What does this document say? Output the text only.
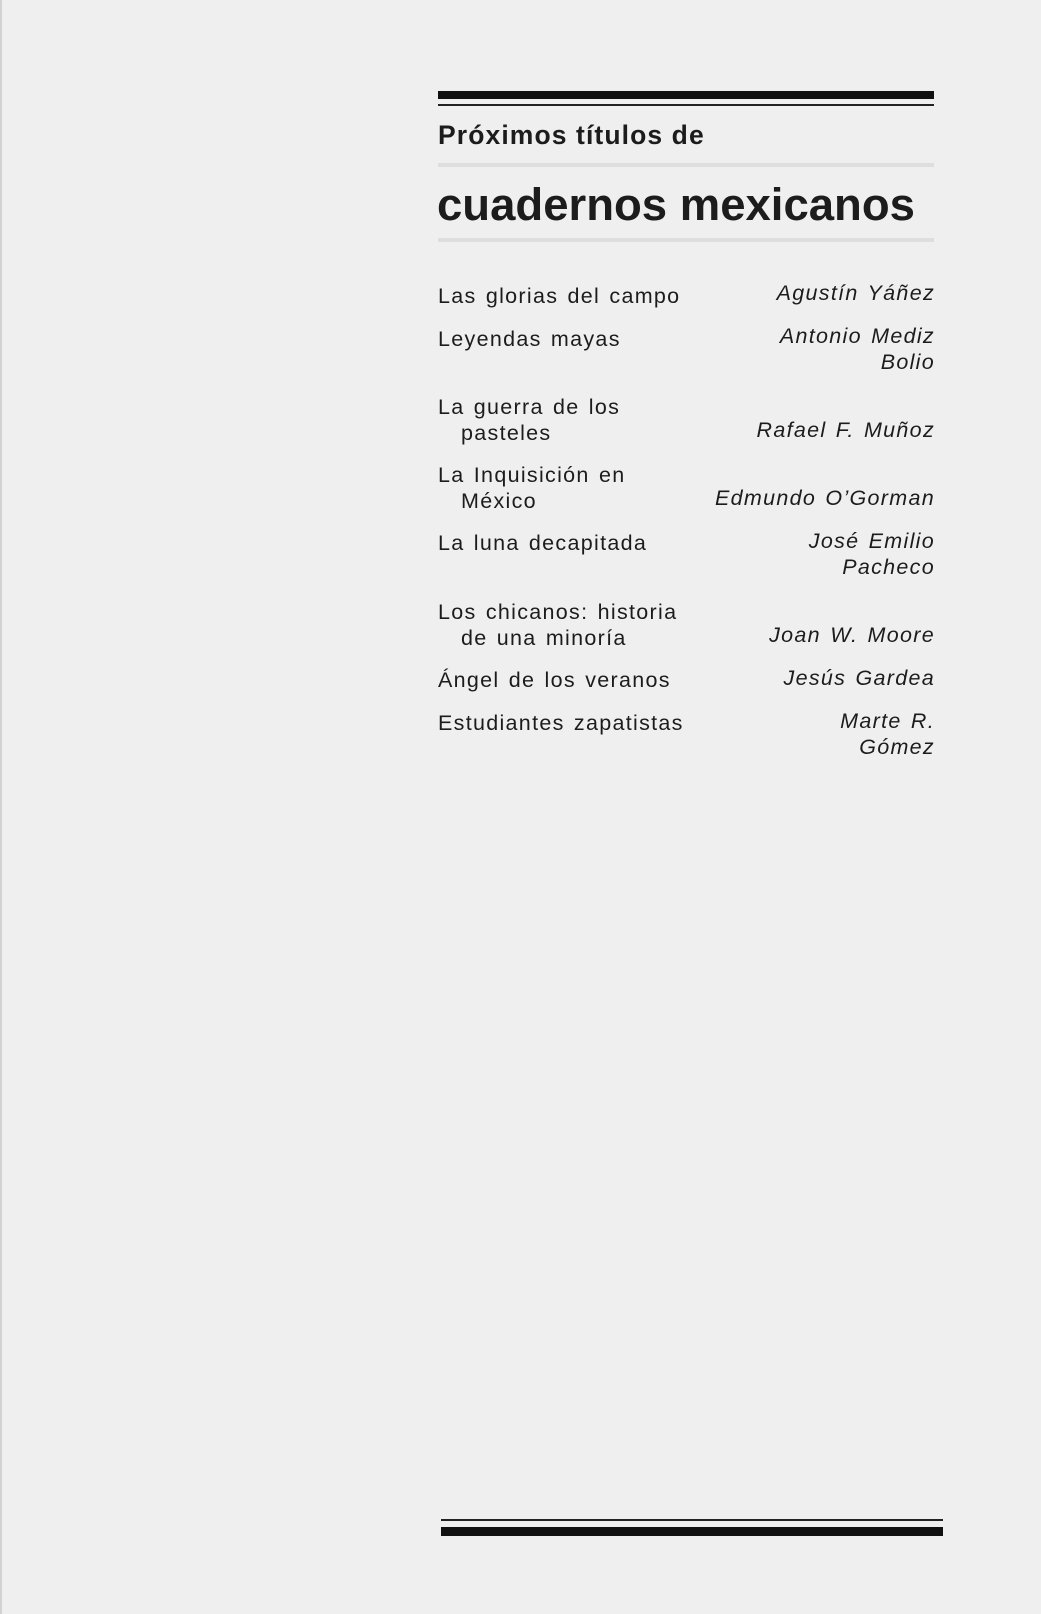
Próximos títulos de
cuadernos mexicanos
Las glorias del campo	Agustín Yáñez
Leyendas mayas	Antonio Mediz
Bolio
La guerra de los
pasteles	Rafael F. Muñoz
La Inquisición en
México	Edmundo O’Gorman
La luna decapitada	José Emilio
Pacheco
Los chicanos: historia
de una minoría	Joan W. Moore
Ángel de los veranos	Jesús Gardea
Estudiantes zapatistas	Marte R.
Gómez
